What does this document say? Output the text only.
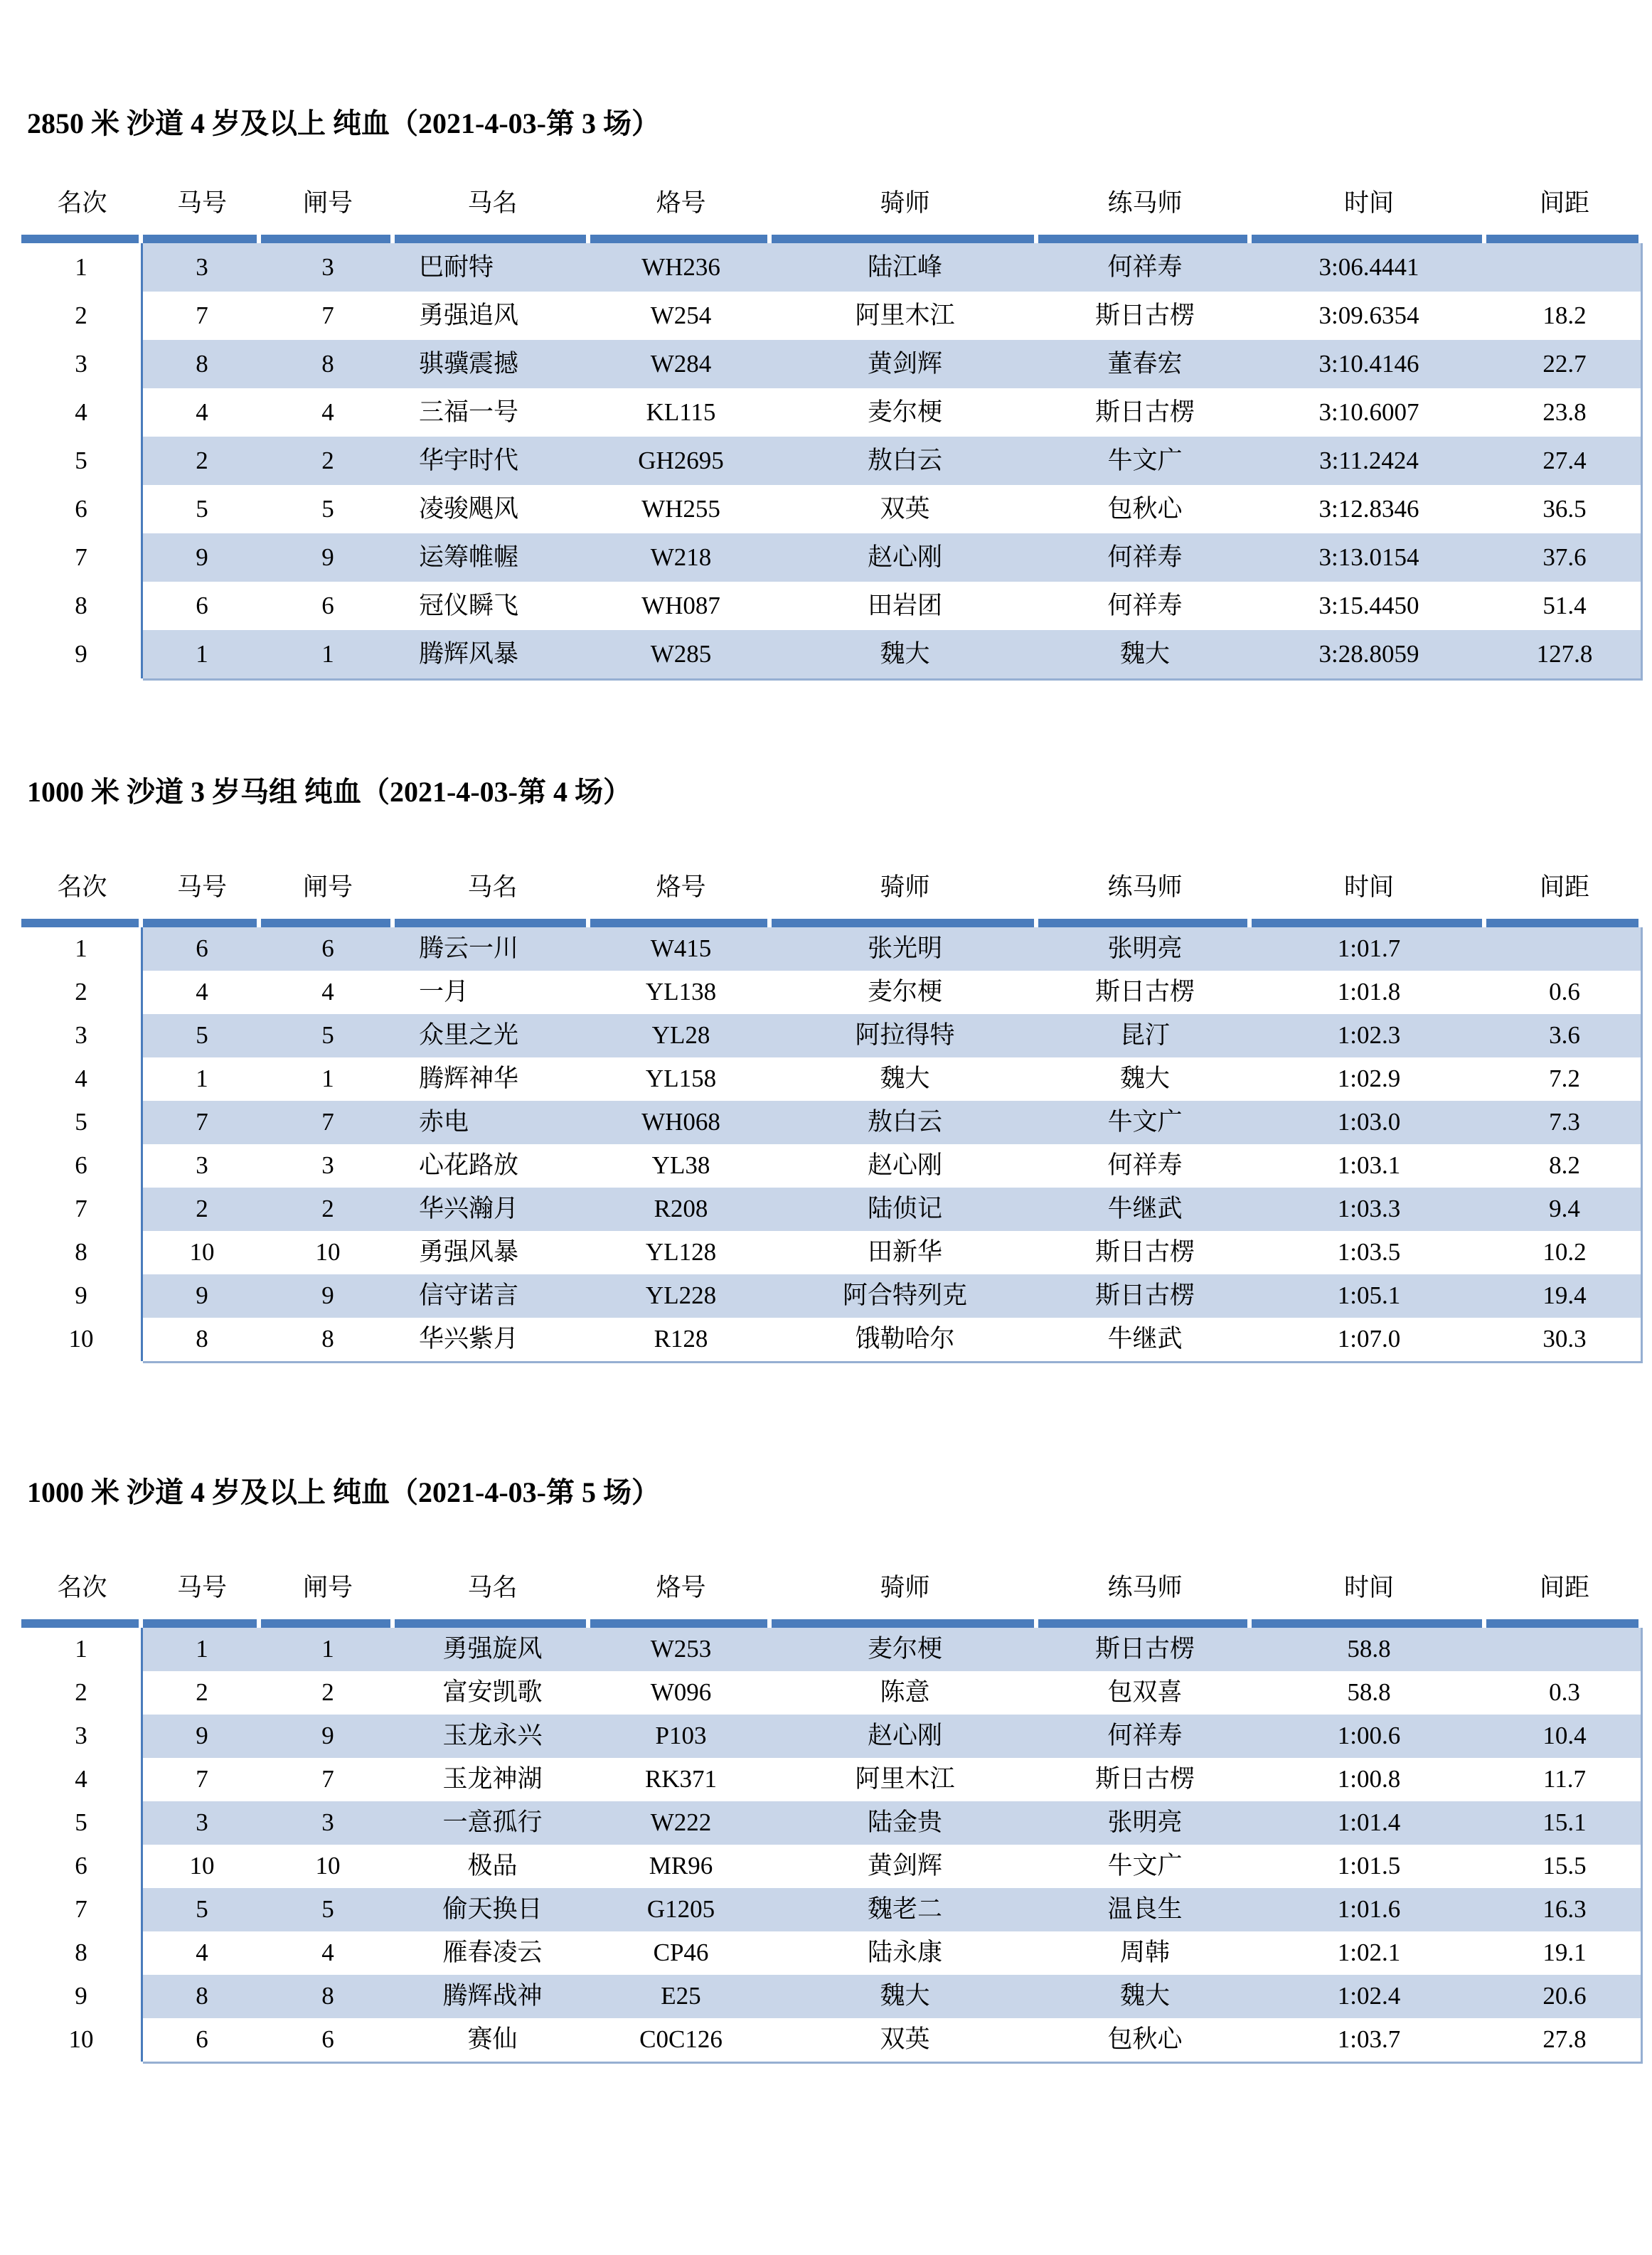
2850 米 沙道 4 岁及以上 纯血（2021-4-03-第 3 场）
名次	马号	闸号	马名	烙号	骑师	练马师	时间	间距
1	3	3	巴耐特	WH236	陆江峰	何祥寿	3:06.4441
2	7	7	勇强追风	W254	阿里木江	斯日古楞	3:09.6354	18.2
3	8	8	骐骥震撼	W284	黄剑辉	董春宏	3:10.4146	22.7
4	4	4	三福一号	KL115	麦尔梗	斯日古楞	3:10.6007	23.8
5	2	2	华宇时代	GH2695	敖白云	牛文广	3:11.2424	27.4
6	5	5	凌骏飓风	WH255	双英	包秋心	3:12.8346	36.5
7	9	9	运筹帷幄	W218	赵心刚	何祥寿	3:13.0154	37.6
8	6	6	冠仪瞬飞	WH087	田岩团	何祥寿	3:15.4450	51.4
9	1	1	腾辉风暴	W285	魏大	魏大	3:28.8059	127.8
1000 米 沙道 3 岁马组 纯血（2021-4-03-第 4 场）
名次	马号	闸号	马名	烙号	骑师	练马师	时间	间距
1	6	6	腾云一川	W415	张光明	张明亮	1:01.7
2	4	4	一月	YL138	麦尔梗	斯日古楞	1:01.8	0.6
3	5	5	众里之光	YL28	阿拉得特	昆汀	1:02.3	3.6
4	1	1	腾辉神华	YL158	魏大	魏大	1:02.9	7.2
5	7	7	赤电	WH068	敖白云	牛文广	1:03.0	7.3
6	3	3	心花路放	YL38	赵心刚	何祥寿	1:03.1	8.2
7	2	2	华兴瀚月	R208	陆侦记	牛继武	1:03.3	9.4
8	10	10	勇强风暴	YL128	田新华	斯日古楞	1:03.5	10.2
9	9	9	信守诺言	YL228	阿合特列克	斯日古楞	1:05.1	19.4
10	8	8	华兴紫月	R128	饿勒哈尔	牛继武	1:07.0	30.3
1000 米 沙道 4 岁及以上 纯血（2021-4-03-第 5 场）
名次	马号	闸号	马名	烙号	骑师	练马师	时间	间距
1	1	1	勇强旋风	W253	麦尔梗	斯日古楞	58.8
2	2	2	富安凯歌	W096	陈意	包双喜	58.8	0.3
3	9	9	玉龙永兴	P103	赵心刚	何祥寿	1:00.6	10.4
4	7	7	玉龙神湖	RK371	阿里木江	斯日古楞	1:00.8	11.7
5	3	3	一意孤行	W222	陆金贵	张明亮	1:01.4	15.1
6	10	10	极品	MR96	黄剑辉	牛文广	1:01.5	15.5
7	5	5	偷天换日	G1205	魏老二	温良生	1:01.6	16.3
8	4	4	雁春凌云	CP46	陆永康	周韩	1:02.1	19.1
9	8	8	腾辉战神	E25	魏大	魏大	1:02.4	20.6
10	6	6	赛仙	C0C126	双英	包秋心	1:03.7	27.8
